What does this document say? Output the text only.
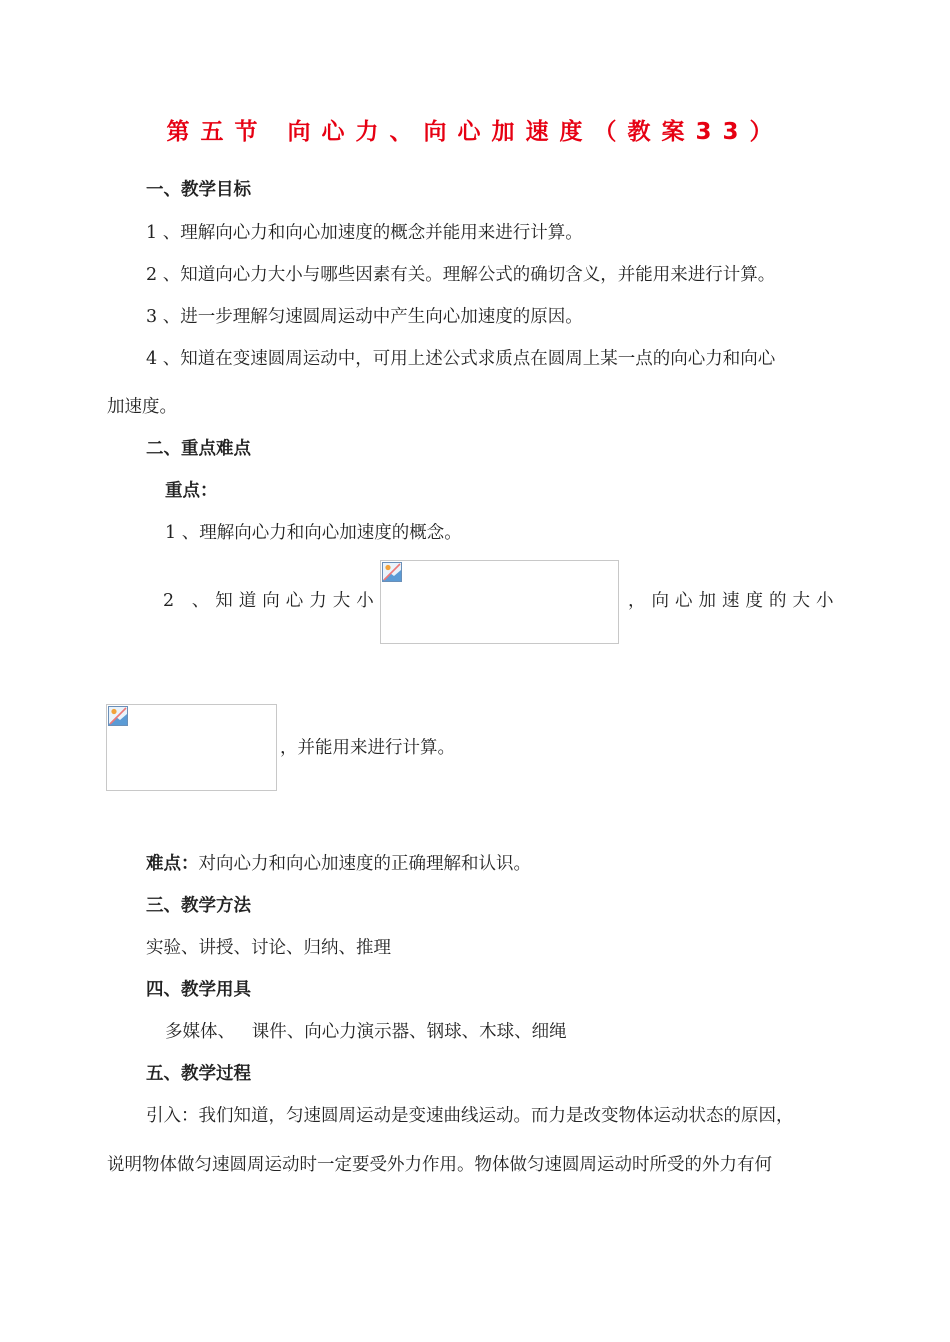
第五节 向心力、向心加速度（教案33）
一、教学目标
1 、理解向心力和向心加速度的概念并能用来进行计算。
2 、知道向心力大小与哪些因素有关。理解公式的确切含义，并能用来进行计算。
3 、进一步理解匀速圆周运动中产生向心加速度的原因。
4 、知道在变速圆周运动中，可用上述公式求质点在圆周上某一点的向心力和向心
加速度。
二、重点难点
重点：
1 、理解向心力和向心加速度的概念。
2 、知道向心力大小	，向心加速度的大小
，并能用来进行计算。
难点：对向心力和向心加速度的正确理解和认识。
三、教学方法
实验、讲授、讨论、归纳、推理
四、教学用具
多媒体、   课件、向心力演示器、钢球、木球、细绳
五、教学过程
引入：我们知道，匀速圆周运动是变速曲线运动。而力是改变物体运动状态的原因，
说明物体做匀速圆周运动时一定要受外力作用。物体做匀速圆周运动时所受的外力有何
